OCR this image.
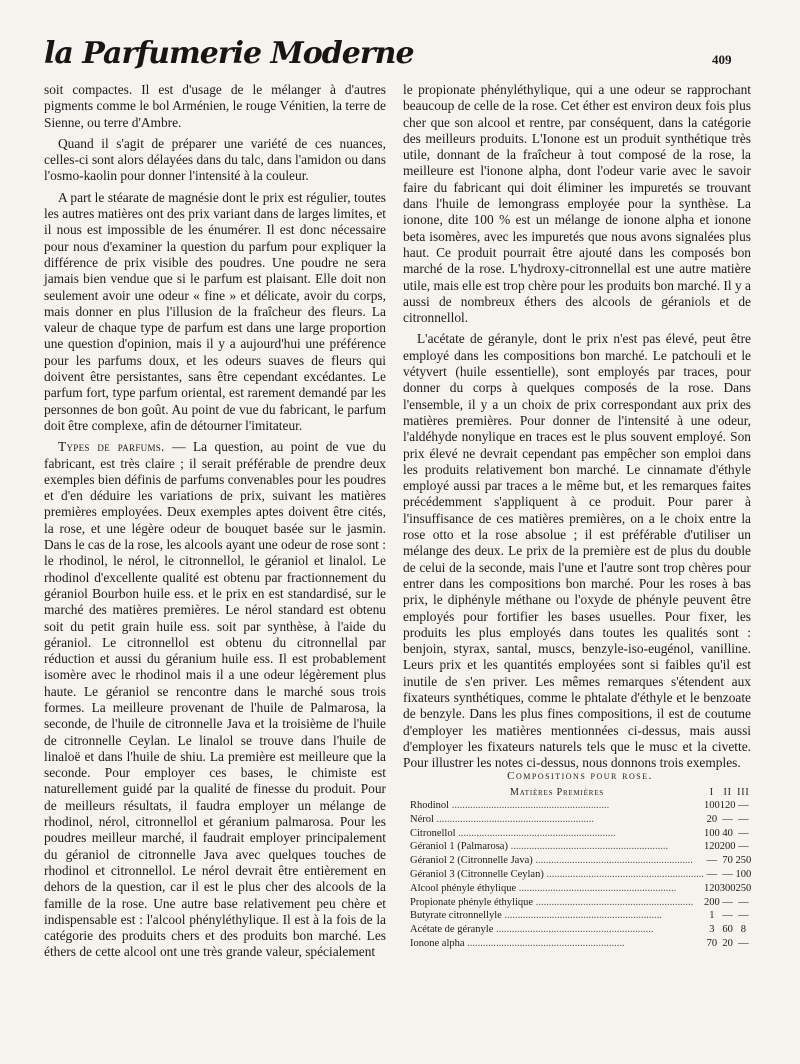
la Parfumerie Moderne	409

soit compactes. Il est d'usage de le mélanger à d'autres pigments comme le bol Arménien, le rouge Vénitien, la terre de Sienne, ou terre d'Ambre.

Quand il s'agit de préparer une variété de ces nuances, celles-ci sont alors délayées dans du talc, dans l'amidon ou dans l'osmo-kaolin pour donner l'intensité à la couleur.

A part le stéarate de magnésie dont le prix est régulier, toutes les autres matières ont des prix variant dans de larges limites, et il nous est impossible de les énumérer. Il est donc nécessaire pour nous d'examiner la question du parfum pour expliquer la différence de prix visible des poudres. Une poudre ne sera jamais bien vendue que si le parfum est plaisant. Elle doit non seulement avoir une odeur « fine » et délicate, avoir du corps, mais donner en plus l'illusion de la fraîcheur des fleurs. La valeur de chaque type de parfum est dans une large proportion une question d'opinion, mais il y a aujourd'hui une préférence pour les parfums doux, et les odeurs suaves de fleurs qui doivent être persistantes, sans être cependant excédantes. Le parfum fort, type parfum oriental, est rarement demandé par les personnes de bon goût. Au point de vue du fabricant, le parfum doit être complexe, afin de détourner l'imitateur.

Types de parfums. — La question, au point de vue du fabricant, est très claire ; il serait préférable de prendre deux exemples bien définis de parfums convenables pour les poudres et d'en déduire les variations de prix, suivant les matières premières employées. Deux exemples aptes doivent être cités, la rose, et une légère odeur de bouquet basée sur le jasmin. Dans le cas de la rose, les alcools ayant une odeur de rose sont : le rhodinol, le nérol, le citronnellol, le géraniol et linalol. Le rhodinol d'excellente qualité est obtenu par fractionnement du géraniol Bourbon huile ess. et le prix en est standardisé, sur le marché des matières premières. Le nérol standard est obtenu soit du petit grain huile ess. soit par synthèse, à l'aide du géraniol. Le citronnellol est obtenu du citronnellal par réduction et aussi du géranium huile ess. Il est probablement isomère avec le rhodinol mais il a une odeur légèrement plus haute. Le géraniol se rencontre dans le marché sous trois formes. La meilleure provenant de l'huile de Palmarosa, la seconde, de l'huile de citronnelle Java et la troisième de l'huile de citronnelle Ceylan. Le linalol se trouve dans l'huile de linaloë et dans l'huile de shiu. La première est meilleure que la seconde. Pour employer ces bases, le chimiste est naturellement guidé par la qualité de finesse du produit. Pour de meilleurs résultats, il faudra employer un mélange de rhodinol, nérol, citronnellol et géranium palmarosa. Pour les poudres meilleur marché, il faudrait employer principalement du géraniol de citronnelle Java avec quelques touches de rhodinol et citronnellol. Le nérol devrait être entièrement en dehors de la question, car il est le plus cher des alcools de la famille de la rose. Une autre base relativement peu chère et indispensable est : l'alcool phényléthylique. Il est à la fois de la catégorie des produits chers et des produits bon marché. Les éthers de cette alcool ont une très grande valeur, spécialement

le propionate phényléthylique, qui a une odeur se rapprochant beaucoup de celle de la rose. Cet éther est environ deux fois plus cher que son alcool et rentre, par conséquent, dans la catégorie des meilleurs produits. L'Ionone est un produit synthétique très utile, donnant de la fraîcheur à tout composé de la rose, la meilleure est l'ionone alpha, dont l'odeur varie avec le savoir faire du fabricant qui doit éliminer les impuretés se trouvant dans l'huile de lemongrass employée pour la synthèse. La ionone, dite 100 % est un mélange de ionone alpha et ionone beta isomères, avec les impuretés que nous avons signalées plus haut. Ce produit pourrait être ajouté dans les composés bon marché de la rose. L'hydroxy-citronnellal est une autre matière utile, mais elle est trop chère pour les produits bon marché. Il y a aussi de nombreux éthers des alcools de géraniols et de citronnellol.

L'acétate de géranyle, dont le prix n'est pas élevé, peut être employé dans les compositions bon marché. Le patchouli et le vétyvert (huile essentielle), sont employés par traces, pour donner du corps à quelques composés de la rose. Dans l'ensemble, il y a un choix de prix correspondant aux prix des matières premières. Pour donner de l'intensité à une odeur, l'aldéhyde nonylique en traces est le plus souvent employé. Son prix élevé ne devrait cependant pas empêcher son emploi dans les produits relativement bon marché. Le cinnamate d'éthyle employé aussi par traces a le même but, et les remarques faites précédemment s'appliquent à ce produit. Pour parer à l'insuffisance de ces matières premières, on a le choix entre la rose otto et la rose absolue ; il est préférable d'utiliser un mélange des deux. Le prix de la première est de plus du double de celui de la seconde, mais l'une et l'autre sont trop chères pour entrer dans les compositions bon marché. Pour les roses à bas prix, le diphényle méthane ou l'oxyde de phényle peuvent être employés pour fortifier les bases usuelles. Pour fixer, les produits les plus employés dans toutes les qualités sont : benjoin, styrax, santal, muscs, benzyle-iso-eugénol, vanilline. Leurs prix et les quantités employées sont si faibles qu'il est inutile de s'en priver. Les mêmes remarques s'étendent aux fixateurs synthétiques, comme le phtalate d'éthyle et le benzoate de benzyle. Dans les plus fines compositions, il est de coutume d'employer les matières mentionnées ci-dessus, mais aussi d'employer les fixateurs naturels tels que le musc et la civette. Pour illustrer les notes ci-dessus, nous donnons trois exemples.

Compositions pour rose.
Matières Premières	I	II	III
Rhodinol ............................................................	100	120	—
Nérol ............................................................	20	—	—
Citronellol ............................................................	100	40	—
Géraniol 1 (Palmarosa) ............................................................	120	200	—
Géraniol 2 (Citronnelle Java) ............................................................	—	70	250
Géraniol 3 (Citronnelle Ceylan) ............................................................	—	—	100
Alcool phényle éthylique ............................................................	120	300	250
Propionate phényle éthylique ............................................................	200	—	—
Butyrate citronnellyle ............................................................	1	—	—
Acétate de géranyle ............................................................	3	60	8
Ionone alpha ............................................................	70	20	—
